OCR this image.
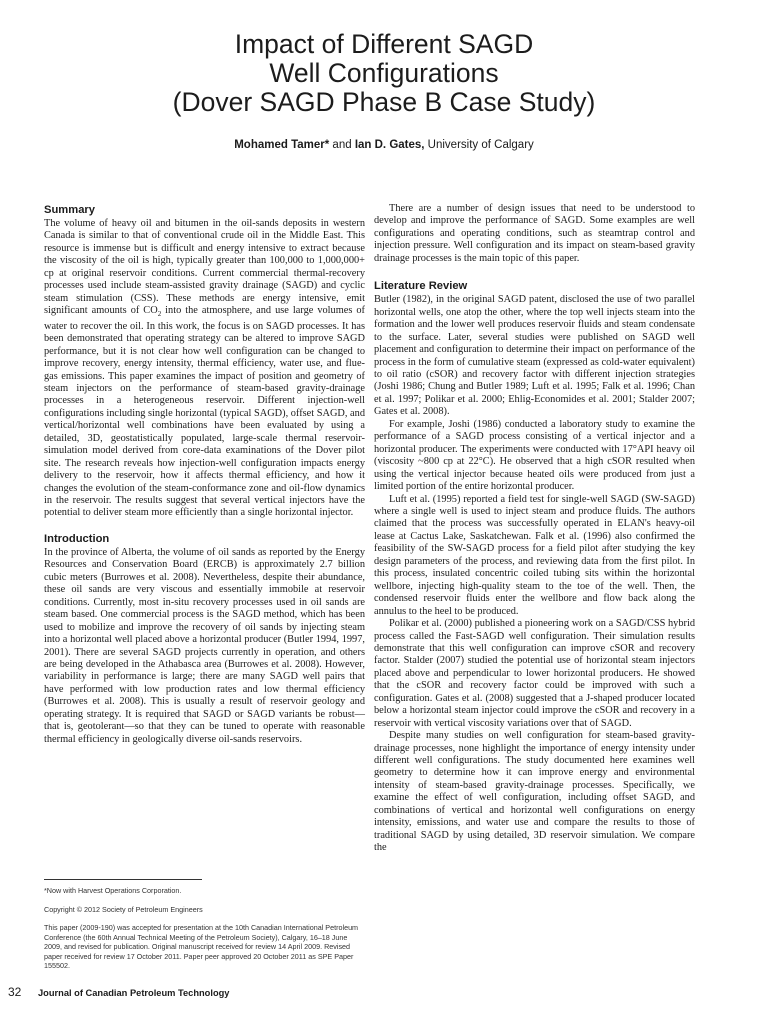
Impact of Different SAGD
Well Configurations
(Dover SAGD Phase B Case Study)

Mohamed Tamer* and Ian D. Gates, University of Calgary

Summary

The volume of heavy oil and bitumen in the oil-sands deposits in western Canada is similar to that of conventional crude oil in the Middle East. This resource is immense but is difficult and energy intensive to extract because the viscosity of the oil is high, typically greater than 100,000 to 1,000,000+ cp at original reservoir conditions. Current commercial thermal-recovery processes used include steam-assisted gravity drainage (SAGD) and cyclic steam stimulation (CSS). These methods are energy intensive, emit significant amounts of $CO_2$ into the atmosphere, and use large volumes of water to recover the oil. In this work, the focus is on SAGD processes. It has been demonstrated that operating strategy can be altered to improve SAGD performance, but it is not clear how well configuration can be changed to improve recovery, energy intensity, thermal efficiency, water use, and flue-gas emissions. This paper examines the impact of position and geometry of steam injectors on the performance of steam-based gravity-drainage processes in a heterogeneous reservoir. Different injection-well configurations including single horizontal (typical SAGD), offset SAGD, and vertical/horizontal well combinations have been evaluated by using a detailed, 3D, geostatistically populated, large-scale thermal reservoir-simulation model derived from core-data examinations of the Dover pilot site. The research reveals how injection-well configuration impacts energy delivery to the reservoir, how it affects thermal efficiency, and how it changes the evolution of the steam-conformance zone and oil-flow dynamics in the reservoir. The results suggest that several vertical injectors have the potential to deliver steam more efficiently than a single horizontal injector.

Introduction

In the province of Alberta, the volume of oil sands as reported by the Energy Resources and Conservation Board (ERCB) is approximately 2.7 billion cubic meters (Burrowes et al. 2008). Nevertheless, despite their abundance, these oil sands are very viscous and essentially immobile at reservoir conditions. Currently, most in-situ recovery processes used in oil sands are steam based. One commercial process is the SAGD method, which has been used to mobilize and improve the recovery of oil sands by injecting steam into a horizontal well placed above a horizontal producer (Butler 1994, 1997, 2001). There are several SAGD projects currently in operation, and others are being developed in the Athabasca area (Burrowes et al. 2008). However, variability in performance is large; there are many SAGD well pairs that have performed with low production rates and low thermal efficiency (Burrowes et al. 2008). This is usually a result of reservoir geology and operating strategy. It is required that SAGD or SAGD variants be robust—that is, geotolerant—so that they can be tuned to operate with reasonable thermal efficiency in geologically diverse oil-sands reservoirs.

*Now with Harvest Operations Corporation.

Copyright © 2012 Society of Petroleum Engineers

This paper (2009-190) was accepted for presentation at the 10th Canadian International Petroleum Conference (the 60th Annual Technical Meeting of the Petroleum Society), Calgary, 16–18 June 2009, and revised for publication. Original manuscript received for review 14 April 2009. Revised paper received for review 17 October 2011. Paper peer approved 20 October 2011 as SPE Paper 155502.

There are a number of design issues that need to be understood to develop and improve the performance of SAGD. Some examples are well configurations and operating conditions, such as steamtrap control and injection pressure. Well configuration and its impact on steam-based gravity drainage processes is the main topic of this paper.

Literature Review

Butler (1982), in the original SAGD patent, disclosed the use of two parallel horizontal wells, one atop the other, where the top well injects steam into the formation and the lower well produces reservoir fluids and steam condensate to the surface. Later, several studies were published on SAGD well placement and configuration to determine their impact on performance of the process in the form of cumulative steam (expressed as cold-water equivalent) to oil ratio (cSOR) and recovery factor with different injection strategies (Joshi 1986; Chung and Butler 1989; Luft et al. 1995; Falk et al. 1996; Chan et al. 1997; Polikar et al. 2000; Ehlig-Economides et al. 2001; Stalder 2007; Gates et al. 2008).

For example, Joshi (1986) conducted a laboratory study to examine the performance of a SAGD process consisting of a vertical injector and a horizontal producer. The experiments were conducted with 17°API heavy oil (viscosity ~800 cp at 22°C). He observed that a high cSOR resulted when using the vertical injector because heated oils were produced from just a limited portion of the entire horizontal producer.

Luft et al. (1995) reported a field test for single-well SAGD (SW-SAGD) where a single well is used to inject steam and produce fluids. The authors claimed that the process was successfully operated in ELAN's heavy-oil lease at Cactus Lake, Saskatchewan. Falk et al. (1996) also confirmed the feasibility of the SW-SAGD process for a field pilot after studying the key design parameters of the process, and reviewing data from the first pilot. In this process, insulated concentric coiled tubing sits within the horizontal wellbore, injecting high-quality steam to the toe of the well. Then, the condensed reservoir fluids enter the wellbore and flow back along the annulus to the heel to be produced.

Polikar et al. (2000) published a pioneering work on a SAGD/CSS hybrid process called the Fast-SAGD well configuration. Their simulation results demonstrate that this well configuration can improve cSOR and recovery factor. Stalder (2007) studied the potential use of horizontal steam injectors placed above and perpendicular to lower horizontal producers. He showed that the cSOR and recovery factor could be improved with such a configuration. Gates et al. (2008) suggested that a J-shaped producer located below a horizontal steam injector could improve the cSOR and recovery in a reservoir with vertical viscosity variations over that of SAGD.

Despite many studies on well configuration for steam-based gravity-drainage processes, none highlight the importance of energy intensity under different well configurations. The study documented here examines well geometry to determine how it can improve energy and environmental intensity of steam-based gravity-drainage processes. Specifically, we examine the effect of well configuration, including offset SAGD, and combinations of vertical and horizontal well configurations on energy intensity, emissions, and water use and compare the results to those of traditional SAGD by using detailed, 3D reservoir simulation. We compare the

32	Journal of Canadian Petroleum Technology
